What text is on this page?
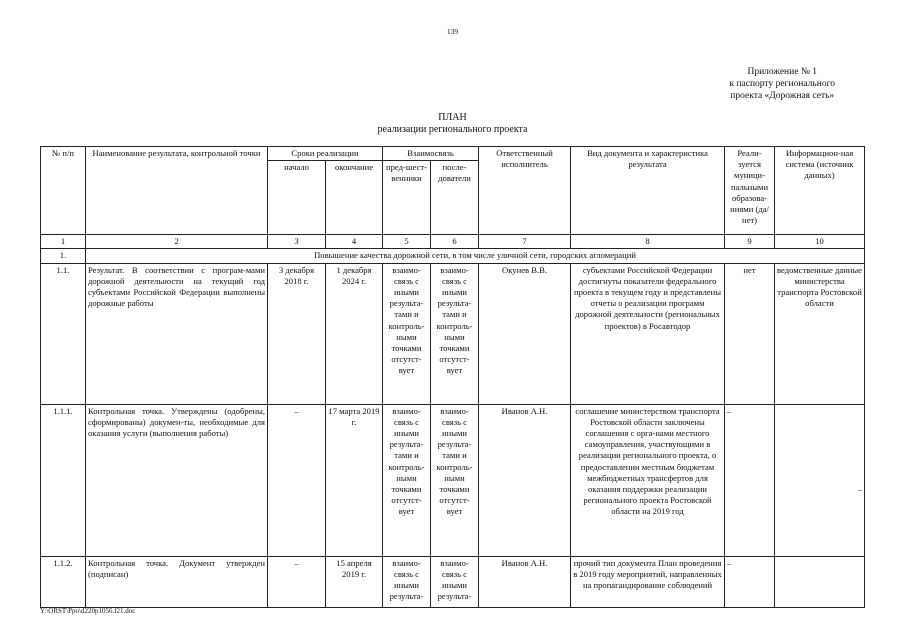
139
Приложение № 1
к паспорту регионального
проекта «Дорожная сеть»
ПЛАН
реализации регионального проекта
№ п/п	Наименование результата, контрольной точки	Сроки реализации		Взаимосвязь		Ответственный исполнитель	Вид документа и характеристика результата	Реали-зуется муници-пальными образова-ниями (да/нет)	Информацион-ная система (источник данных)
		начало	окончание	пред-шест-венники	после-дователи				
1	2	3	4	5	6	7	8	9	10
1.	Повышение качества дорожной сети, в том числе уличной сети, городских агломераций								
1.1.	Результат. В соответствии с програм-мами дорожной деятельности на текущий год субъектами Российской Федерации выполнены дорожные работы	3 декабря 2018 г.	1 декабря 2024 г.	взаимо-связь с иными результа-тами и контроль-ными точками отсутст-вует	взаимо-связь с иными результа-тами и контроль-ными точками отсутст-вует	Окунев В.В.	субъектами Российской Федерации достигнуты показатели федерального проекта в текущем году и представлены отчеты о реализации программ дорожной деятельности (региональных проектов) в Росавтодор	нет	ведомственные данные министерства транспорта Ростовской области
1.1.1.	Контрольная точка. Утверждены (одобрены, сформированы) докумен-ты, необходимые для оказания услуги (выполнения работы)	–	17 марта 2019 г.	взаимо-связь с иными результа-тами и контроль-ными точками отсутст-вует	взаимо-связь с иными результа-тами и контроль-ными точками отсутст-вует	Иванов А.Н.	соглашение министерством транспорта Ростовской области заключены соглашения с орга-нами местного самоуправления, участвующими в реализации регионального проекта, о предоставлении местным бюджетам межбюджетных трансфертов для оказания поддержки реализации регионального проекта Ростовской области на 2019 год	–	–
1.1.2.	Контрольная точка. Документ утвержден (подписан)	–	15 апреля 2019 г.	взаимо-связь с иными результа-	взаимо-связь с иными результа-	Иванов А.Н.	прочий тип документа План проведения в 2019 году мероприятий, направленных на пропагандирование соблюдений	–	
Y:\ORST\Ppo\d220p1056.f21.doc
